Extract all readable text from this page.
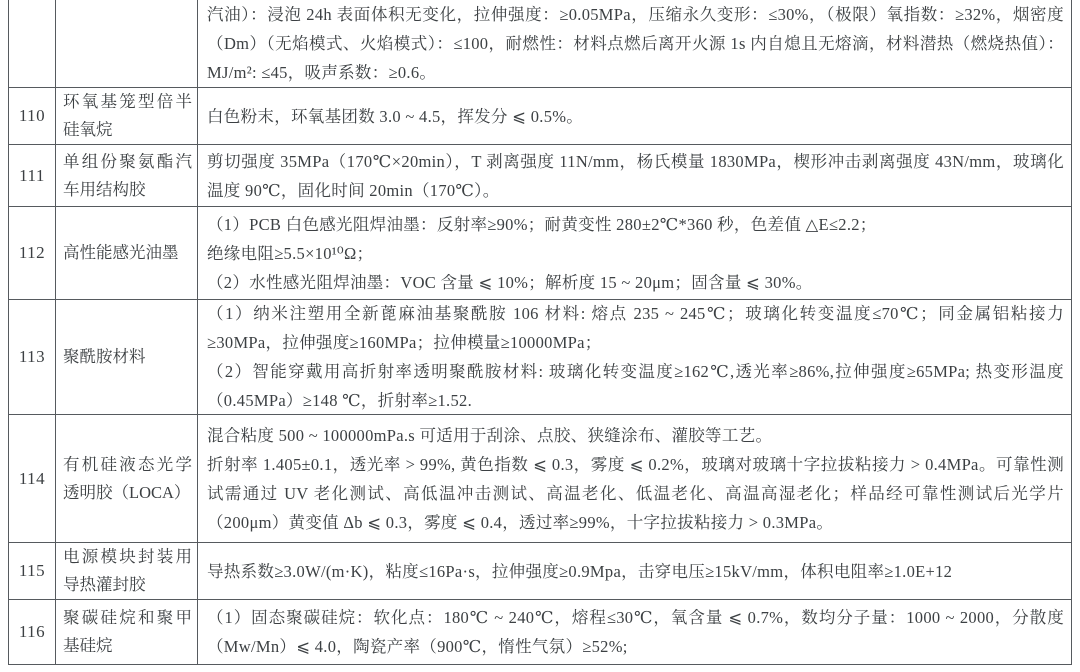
汽油）：浸泡 24h 表面体积无变化，拉伸强度：≥0.05MPa，压缩永久变形：≤30%，（极限）氧指数：≥32%，烟密度（Dm）（无焰模式、火焰模式）：≤100，耐燃性：材料点燃后离开火源 1s 内自熄且无熔滴，材料潜热（燃烧热值）：MJ/m²: ≤45，吸声系数：≥0.6。
110
环氧基笼型倍半硅氧烷
白色粉末，环氧基团数 3.0 ~ 4.5，挥发分 ⩽ 0.5%。
111
单组份聚氨酯汽车用结构胶
剪切强度 35MPa（170℃×20min），T 剥离强度 11N/mm，杨氏模量 1830MPa，楔形冲击剥离强度 43N/mm，玻璃化温度 90℃，固化时间 20min（170℃）。
112	高性能感光油墨
（1）PCB 白色感光阻焊油墨：反射率≥90%；耐黄变性 280±2℃*360 秒，色差值 △E≤2.2；
绝缘电阻≥5.5×10¹⁰Ω；
（2）水性感光阻焊油墨：VOC 含量 ⩽ 10%；解析度 15 ~ 20μm；固含量 ⩽ 30%。
113	聚酰胺材料
（1）纳米注塑用全新蓖麻油基聚酰胺 106 材料: 熔点 235 ~ 245℃；玻璃化转变温度≤70℃；同金属铝粘接力≥30MPa，拉伸强度≥160MPa；拉伸模量≥10000MPa；
（2）智能穿戴用高折射率透明聚酰胺材料: 玻璃化转变温度≥162℃,透光率≥86%,拉伸强度≥65MPa; 热变形温度（0.45MPa）≥148 ℃，折射率≥1.52.
114
有机硅液态光学透明胶（LOCA）
混合粘度 500 ~ 100000mPa.s 可适用于刮涂、点胶、狭缝涂布、灌胶等工艺。
折射率 1.405±0.1，透光率 > 99%, 黄色指数 ⩽ 0.3，雾度 ⩽ 0.2%，玻璃对玻璃十字拉拔粘接力 > 0.4MPa。可靠性测试需通过 UV 老化测试、高低温冲击测试、高温老化、低温老化、高温高湿老化；样品经可靠性测试后光学片（200μm）黄变值 Δb ⩽ 0.3，雾度 ⩽ 0.4，透过率≥99%，十字拉拔粘接力 > 0.3MPa。
115
电源模块封装用导热灌封胶
导热系数≥3.0W/(m·K)，粘度≤16Pa·s，拉伸强度≥0.9Mpa，击穿电压≥15kV/mm，体积电阻率≥1.0E+12
116
聚碳硅烷和聚甲基硅烷
（1）固态聚碳硅烷：软化点：180℃ ~ 240℃，熔程≤30℃，氧含量 ⩽ 0.7%，数均分子量：1000 ~ 2000，分散度（Mw/Mn）⩽ 4.0，陶瓷产率（900℃，惰性气氛）≥52%;
